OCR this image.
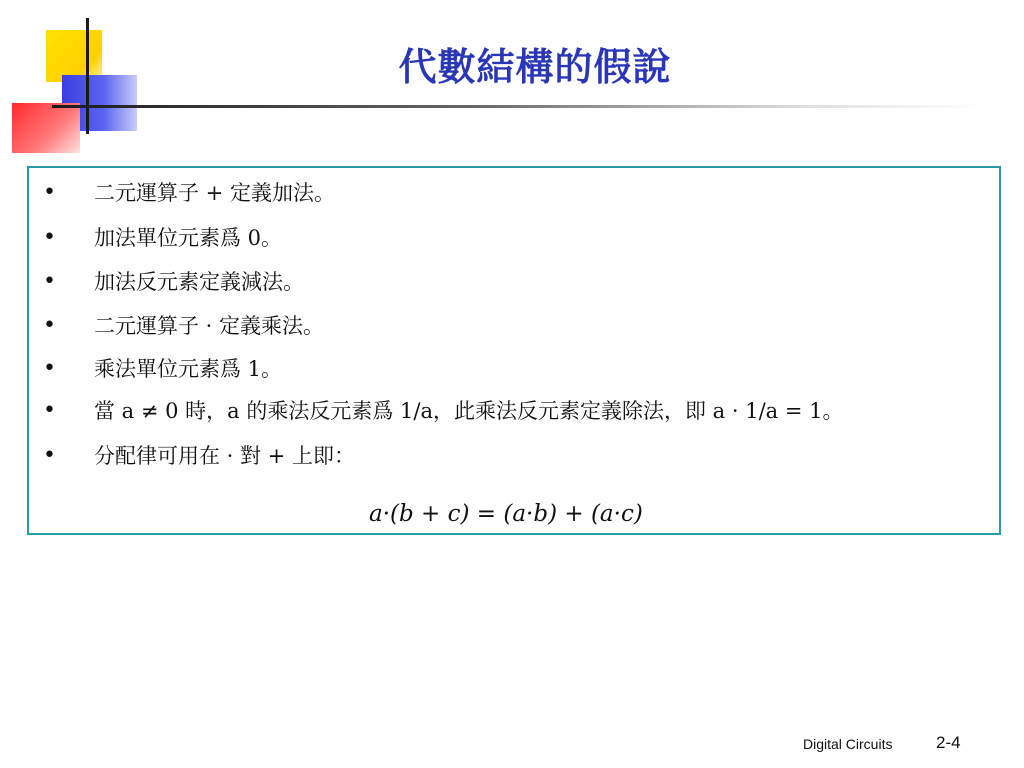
代數結構的假說
• 二元運算子 + 定義加法。
• 加法單位元素爲 0。
• 加法反元素定義減法。
• 二元運算子 · 定義乘法。
• 乘法單位元素爲 1。
• 當 a ≠ 0 時，a 的乘法反元素爲 1/a，此乘法反元素定義除法，即 a · 1/a = 1。
• 分配律可用在 · 對 + 上即：
a·(b + c) = (a·b) + (a·c)
Digital Circuits	2-4
